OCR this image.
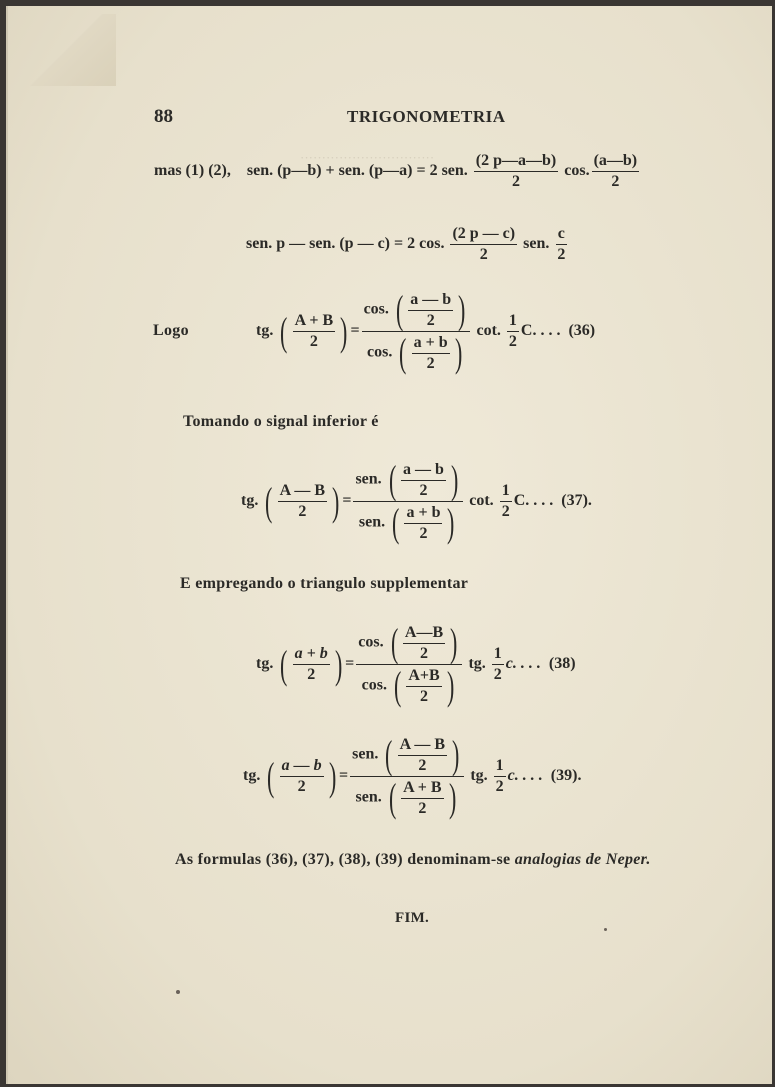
·······························
88	TRIGONOMETRIA
mas (1) (2), sen. (p—b) + sen. (p—a) = 2 sen. $\frac{(2 p—a—b)}{2} \cos$. $\frac{(a—b)}{2}$
sen. p — sen. (p — c) = 2 cos. $\frac{(2 p — c)}{2}$ sen. $\frac{c}{2}$
Logo	tg. ( $\frac{A + B}{2}$ ) = $\frac{\cos. ( \frac{a — b}{2} )}{\cos. ( \frac{a + b}{2} )} \cot$. $\frac{1}{2} C$. . . . (36)
Tomando o signal inferior é
tg. ( $\frac{A — B}{2}$ ) = $\frac{sen. ( \frac{a — b}{2} )}{sen. ( \frac{a + b}{2} )} \cot$. $\frac{1}{2} C$. . . . (37).
E empregando o triangulo supplementar
tg. ( $\frac{a + b}{2}$ ) = $\frac{\cos. ( \frac{A—B}{2} )}{\cos. ( \frac{A+B}{2} )}$ tg. $\frac{1}{2} c$. . . . (38)
tg. ( $\frac{a — b}{2}$ ) = $\frac{sen. ( \frac{A — B}{2} )}{sen. ( \frac{A + B}{2} )}$ tg. $\frac{1}{2} c$. . . . (39).
As formulas (36), (37), (38), (39) denominam-se analogias de Neper.
FIM.
